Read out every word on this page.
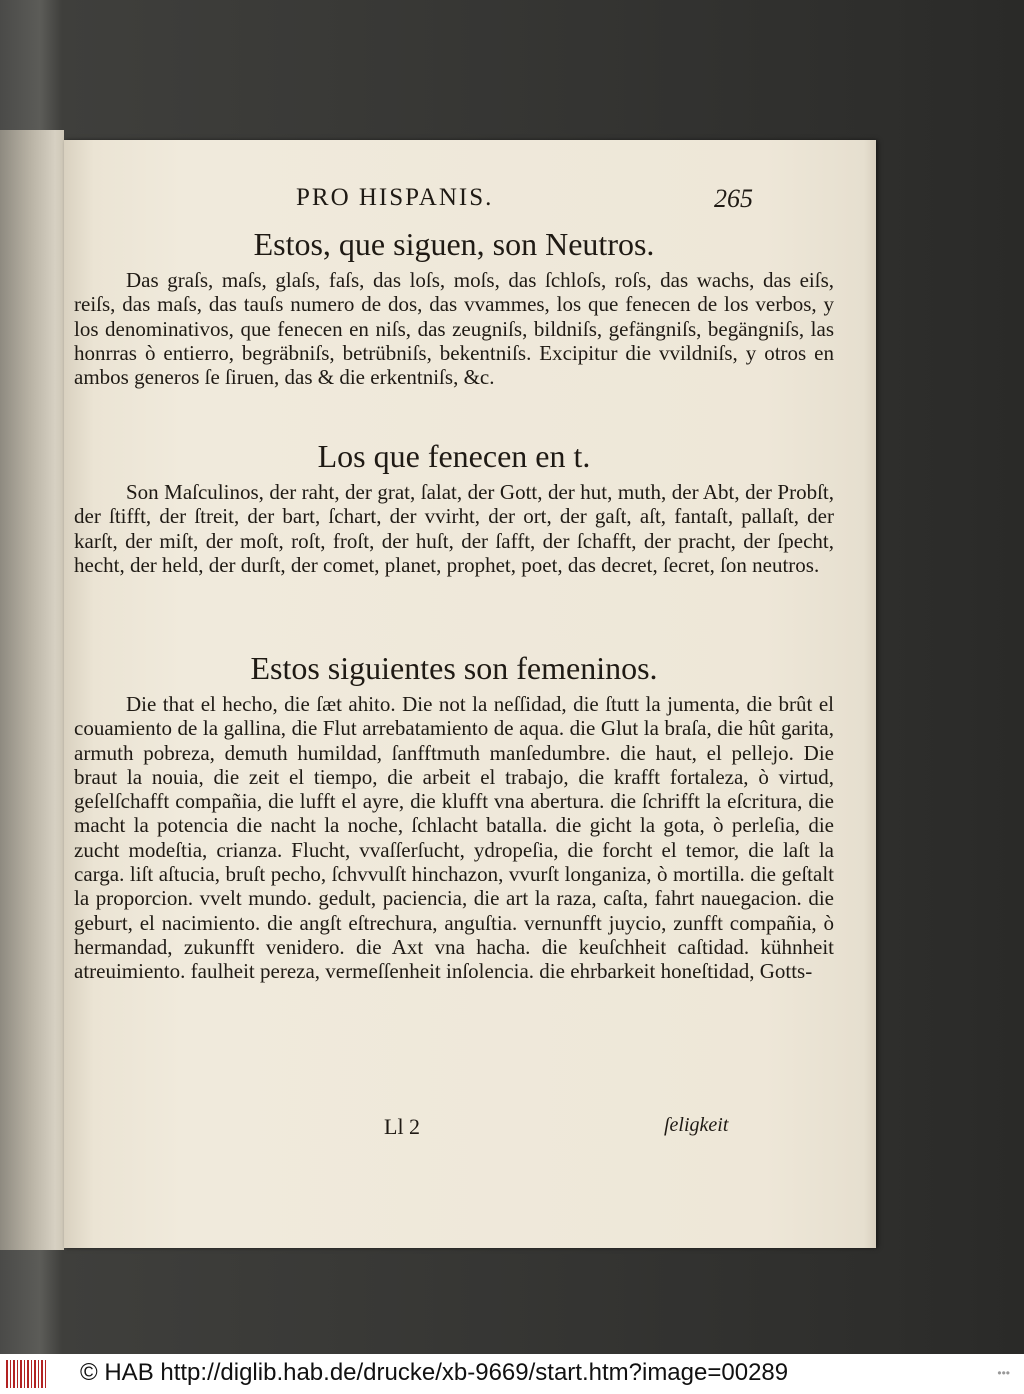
PRO HISPANIS.	265
Estos, que siguen, son Neutros.

Das graſs, maſs, glaſs, faſs, das loſs, moſs, das ſchloſs, roſs, das wachs, das eiſs, reiſs, das maſs, das tauſs numero de dos, das vvammes, los que fenecen de los verbos, y los denominativos, que fenecen en niſs, das zeugniſs, bildniſs, gefängniſs, begängniſs, las honrras ò entierro, begräbniſs, betrübniſs, bekentniſs. Excipitur die vvildniſs, y otros en ambos generos ſe ſiruen, das & die erkentniſs, &c.

Los que fenecen en t.

Son Maſculinos, der raht, der grat, ſalat, der Gott, der hut, muth, der Abt, der Probſt, der ſtifft, der ſtreit, der bart, ſchart, der vvirht, der ort, der gaſt, aſt, fantaſt, pallaſt, der karſt, der miſt, der moſt, roſt, froſt, der huſt, der ſafft, der ſchafft, der pracht, der ſpecht, hecht, der held, der durſt, der comet, planet, prophet, poet, das decret, ſecret, ſon neutros.

Estos siguientes son femeninos.

Die that el hecho, die ſæt ahito. Die not la neſſidad, die ſtutt la jumenta, die brût el couamiento de la gallina, die Flut arrebatamiento de aqua. die Glut la braſa, die hût garita, armuth pobreza, demuth humildad, ſanfftmuth manſedumbre. die haut, el pellejo. Die braut la nouia, die zeit el tiempo, die arbeit el trabajo, die krafft fortaleza, ò virtud, geſelſchafft compañia, die lufft el ayre, die klufft vna abertura. die ſchrifft la eſcritura, die macht la potencia die nacht la noche, ſchlacht batalla. die gicht la gota, ò perleſia, die zucht modeſtia, crianza. Flucht, vvaſſerſucht, ydropeſia, die forcht el temor, die laſt la carga. liſt aſtucia, bruſt pecho, ſchvvulſt hinchazon, vvurſt longaniza, ò mortilla. die geſtalt la proporcion. vvelt mundo. gedult, paciencia, die art la raza, caſta, fahrt nauegacion. die geburt, el nacimiento. die angſt eſtrechura, anguſtia. vernunfft juycio, zunfft compañia, ò hermandad, zukunfft venidero. die Axt vna hacha. die keuſchheit caſtidad. kühnheit atreuimiento. faulheit pereza, vermeſſenheit inſolencia. die ehrbarkeit honeſtidad, Gotts-

Ll 2	ſeligkeit
© HAB http://diglib.hab.de/drucke/xb-9669/start.htm?image=00289	•••
